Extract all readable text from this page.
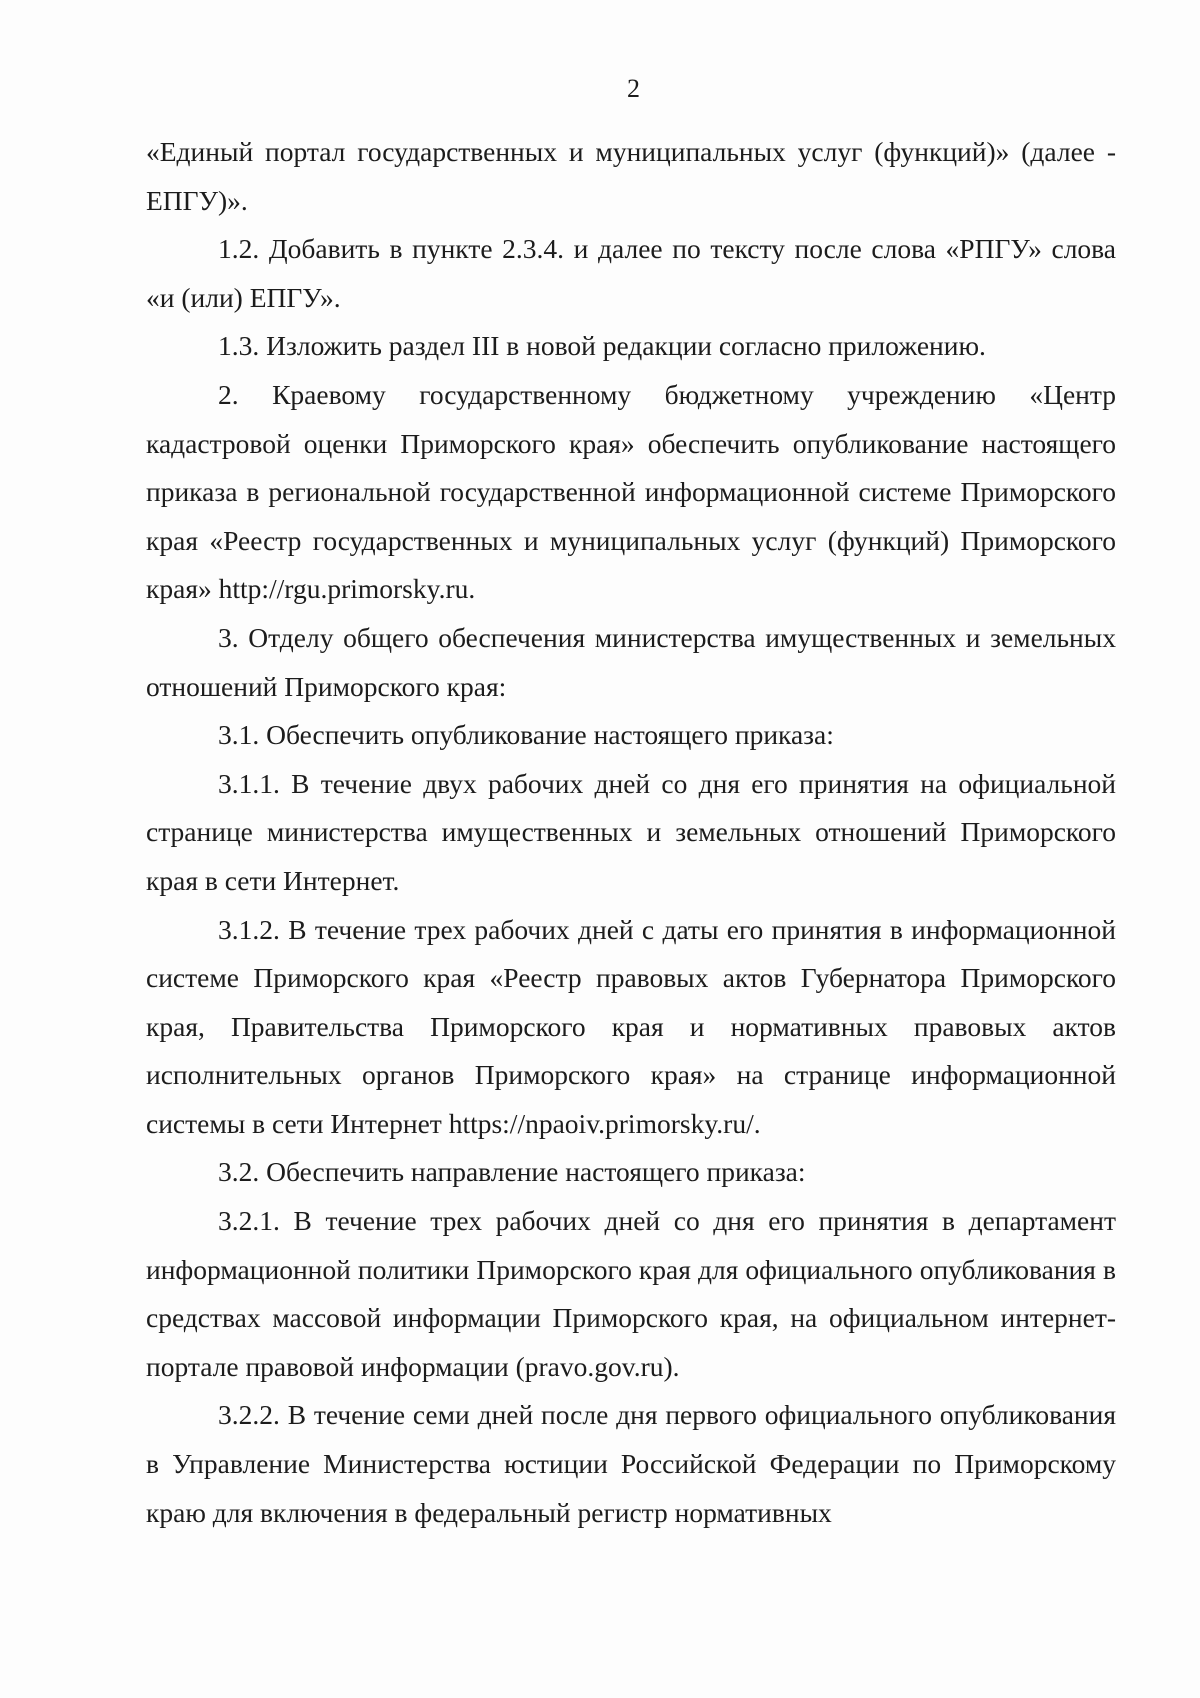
2

«Единый портал государственных и муниципальных услуг (функций)» (далее - ЕПГУ)».

1.2. Добавить в пункте 2.3.4. и далее по тексту после слова «РПГУ» слова «и (или) ЕПГУ».

1.3. Изложить раздел III в новой редакции согласно приложению.

2. Краевому государственному бюджетному учреждению «Центр кадастровой оценки Приморского края» обеспечить опубликование настоящего приказа в региональной государственной информационной системе Приморского края «Реестр государственных и муниципальных услуг (функций) Приморского края» http://rgu.primorsky.ru.

3. Отделу общего обеспечения министерства имущественных и земельных отношений Приморского края:

3.1. Обеспечить опубликование настоящего приказа:

3.1.1. В течение двух рабочих дней со дня его принятия на официальной странице министерства имущественных и земельных отношений Приморского края в сети Интернет.

3.1.2. В течение трех рабочих дней с даты его принятия в информационной системе Приморского края «Реестр правовых актов Губернатора Приморского края, Правительства Приморского края и нормативных правовых актов исполнительных органов Приморского края» на странице информационной системы в сети Интернет https://npaoiv.primorsky.ru/.

3.2. Обеспечить направление настоящего приказа:

3.2.1. В течение трех рабочих дней со дня его принятия в департамент информационной политики Приморского края для официального опубликования в средствах массовой информации Приморского края, на официальном интернет-портале правовой информации (pravo.gov.ru).

3.2.2. В течение семи дней после дня первого официального опубликования в Управление Министерства юстиции Российской Федерации по Приморскому краю для включения в федеральный регистр нормативных
